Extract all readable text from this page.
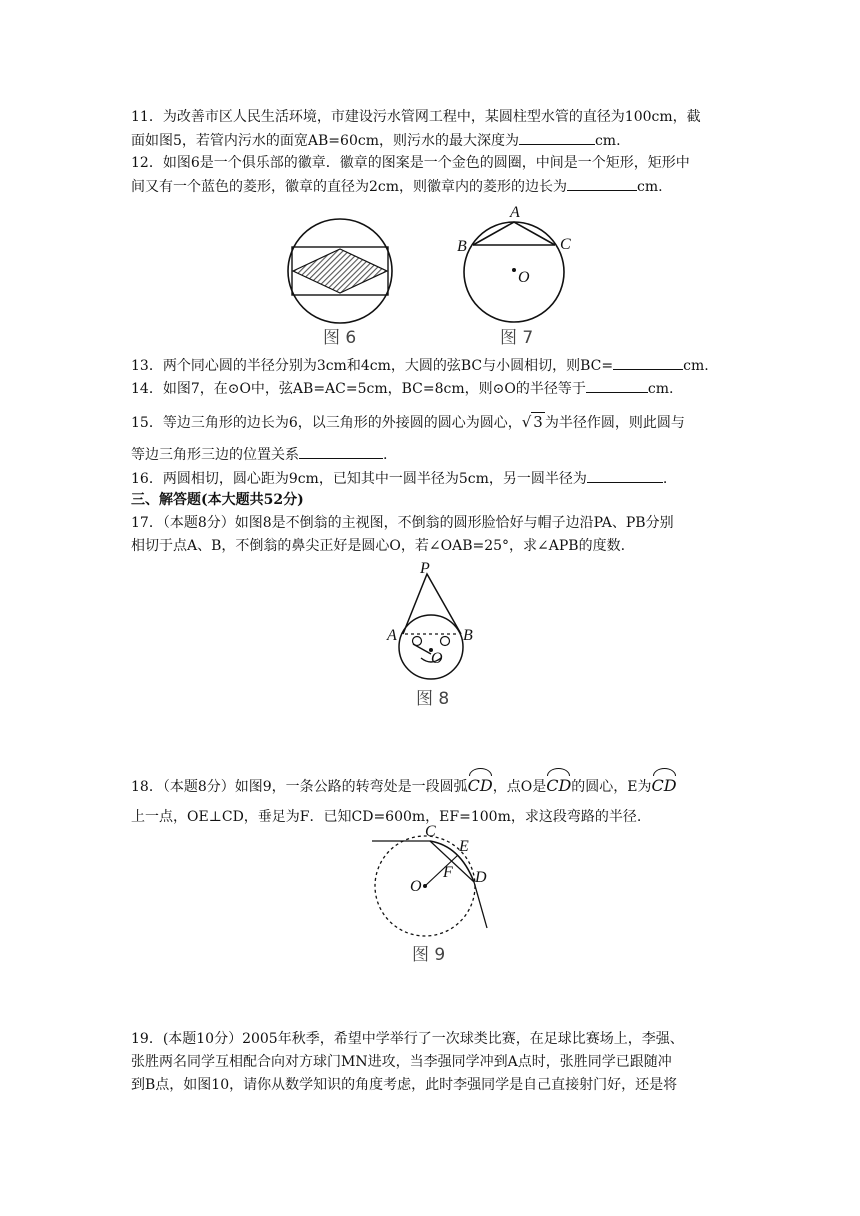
11．为改善市区人民生活环境，市建设污水管网工程中，某圆柱型水管的直径为100cm，截
面如图5，若管内污水的面宽AB=60cm，则污水的最大深度为	cm.
12．如图6是一个俱乐部的徽章．徽章的图案是一个金色的圆圈，中间是一个矩形，矩形中
间又有一个蓝色的菱形，徽章的直径为2cm，则徽章内的菱形的边长为	cm.
图 6
A
B	C
O
图 7
13．两个同心圆的半径分别为3cm和4cm，大圆的弦BC与小圆相切，则BC=	cm.
14．如图7，在⊙O中，弦AB=AC=5cm，BC=8cm，则⊙O的半径等于	cm.
15．等边三角形的边长为6，以三角形的外接圆的圆心为圆心，√ 3 为半径作圆，则此圆与
等边三角形三边的位置关系	.
16．两圆相切，圆心距为9cm，已知其中一圆半径为5cm，另一圆半径为	.
三、解答题(本大题共52分)
17．（本题8分）如图8是不倒翁的主视图，不倒翁的圆形脸恰好与帽子边沿PA、PB分别
相切于点A、B，不倒翁的鼻尖正好是圆心O，若∠OAB=25°，求∠APB的度数.
P
A	B
O
图 8
18．（本题8分）如图9，一条公路的转弯处是一段圆弧CD，点O是CD的圆心，E为CD
上一点，OE⊥CD，垂足为F．已知CD=600m，EF=100m，求这段弯路的半径.
C
E
F D
O
图 9
19．(本题10分）2005年秋季，希望中学举行了一次球类比赛，在足球比赛场上，李强、
张胜两名同学互相配合向对方球门MN进攻，当李强同学冲到A点时，张胜同学已跟随冲
到B点，如图10，请你从数学知识的角度考虑，此时李强同学是自己直接射门好，还是将
